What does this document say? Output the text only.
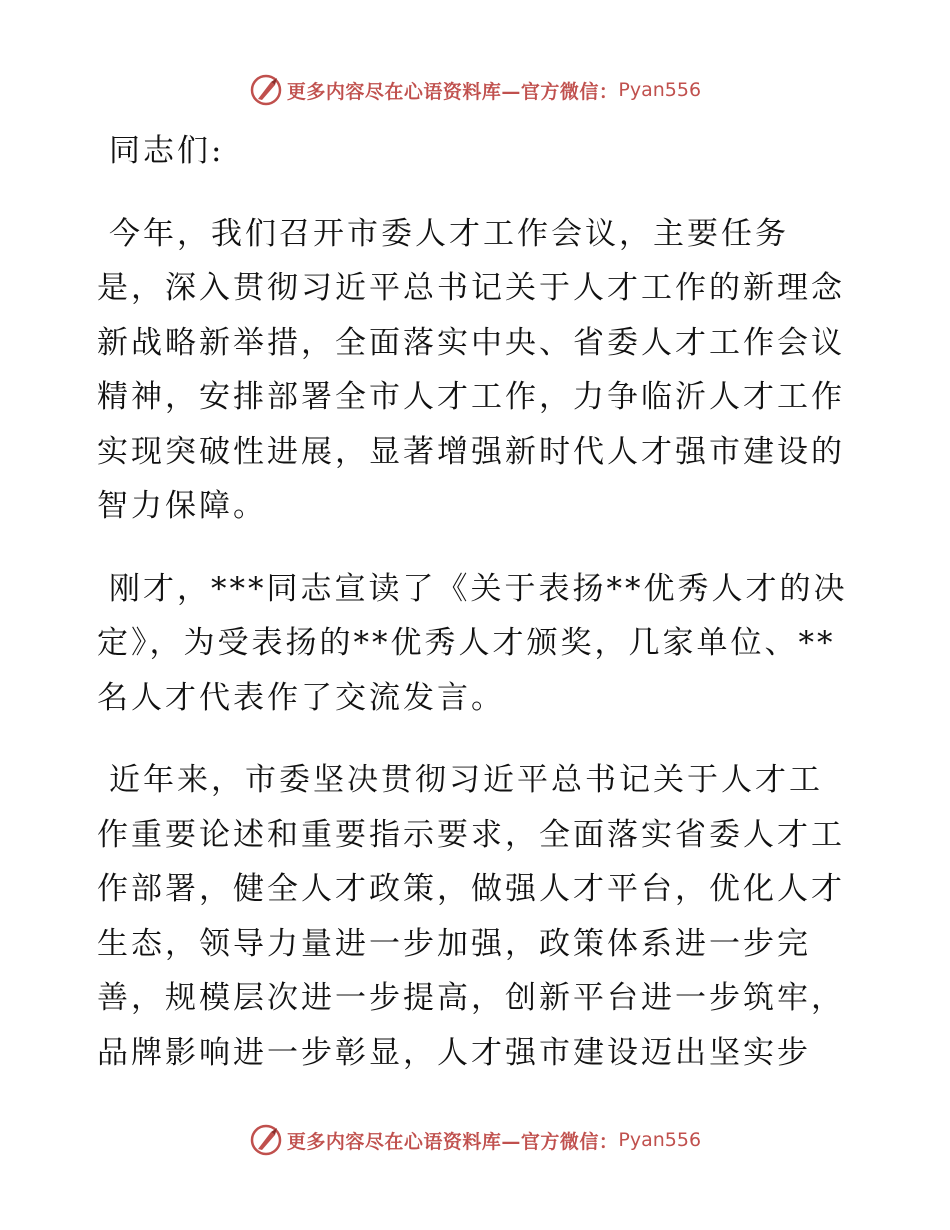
更多内容尽在心语资料库—官方微信： Pyan556
同志们:
今年，我们召开市委人才工作会议，主要任务
是，深入贯彻习近平总书记关于人才工作的新理念
新战略新举措，全面落实中央、省委人才工作会议
精神，安排部署全市人才工作，力争临沂人才工作
实现突破性进展，显著增强新时代人才强市建设的
智力保障。
刚才，***同志宣读了《关于表扬**优秀人才的决
定》，为受表扬的**优秀人才颁奖，几家单位、**
名人才代表作了交流发言。
近年来，市委坚决贯彻习近平总书记关于人才工
作重要论述和重要指示要求，全面落实省委人才工
作部署，健全人才政策，做强人才平台，优化人才
生态，领导力量进一步加强，政策体系进一步完
善，规模层次进一步提高，创新平台进一步筑牢，
品牌影响进一步彰显，人才强市建设迈出坚实步
更多内容尽在心语资料库—官方微信： Pyan556
